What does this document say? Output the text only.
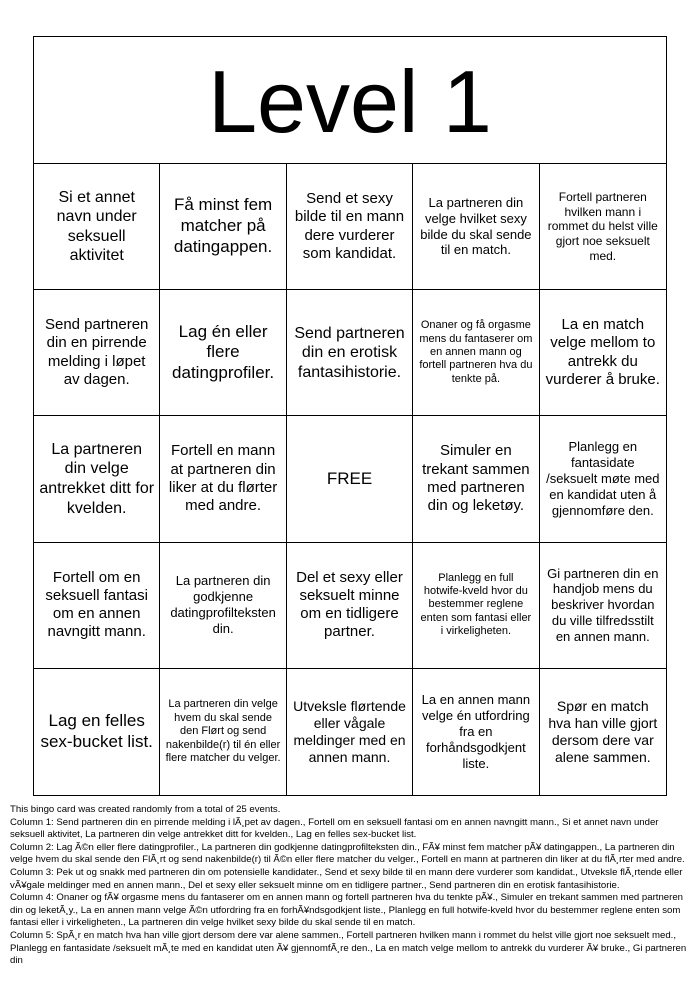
Level 1
Si et annet navn under seksuell aktivitet
Få minst fem matcher på datingappen.
Send et sexy bilde til en mann dere vurderer som kandidat.
La partneren din velge hvilket sexy bilde du skal sende til en match.
Fortell partneren hvilken mann i rommet du helst ville gjort noe seksuelt med.
Send partneren din en pirrende melding i løpet av dagen.
Lag én eller flere datingprofiler.
Send partneren din en erotisk fantasihistorie.
Onaner og få orgasme mens du fantaserer om en annen mann og fortell partneren hva du tenkte på.
La en match velge mellom to antrekk du vurderer å bruke.
La partneren din velge antrekket ditt for kvelden.
Fortell en mann at partneren din liker at du flørter med andre.
FREE
Simuler en trekant sammen med partneren din og leketøy.
Planlegg en fantasidate /seksuelt møte med en kandidat uten å gjennomføre den.
Fortell om en seksuell fantasi om en annen navngitt mann.
La partneren din godkjenne datingprofilteksten din.
Del et sexy eller seksuelt minne om en tidligere partner.
Planlegg en full hotwife-kveld hvor du bestemmer reglene enten som fantasi eller i virkeligheten.
Gi partneren din en handjob mens du beskriver hvordan du ville tilfredsstilt en annen mann.
Lag en felles sex-bucket list.
La partneren din velge hvem du skal sende den Flørt og send nakenbilde(r) til én eller flere matcher du velger.
Utveksle flørtende eller vågale meldinger med en annen mann.
La en annen mann velge én utfordring fra en forhåndsgodkjent liste.
Spør en match hva han ville gjort dersom dere var alene sammen.
This bingo card was created randomly from a total of 25 events.
Column 1: Send partneren din en pirrende melding i lÃ¸pet av dagen., Fortell om en seksuell fantasi om en annen navngitt mann., Si et annet navn under seksuell aktivitet, La partneren din velge antrekket ditt for kvelden., Lag en felles sex-bucket list.
Column 2: Lag Ã©n eller flere datingprofiler., La partneren din godkjenne datingprofilteksten din., FÃ¥ minst fem matcher pÃ¥ datingappen., La partneren din velge hvem du skal sende den FlÃ¸rt og send nakenbilde(r) til Ã©n eller flere matcher du velger., Fortell en mann at partneren din liker at du flÃ¸rter med andre.
Column 3: Pek ut og snakk med partneren din om potensielle kandidater., Send et sexy bilde til en mann dere vurderer som kandidat., Utveksle flÃ¸rtende eller vÃ¥gale meldinger med en annen mann., Del et sexy eller seksuelt minne om en tidligere partner., Send partneren din en erotisk fantasihistorie.
Column 4: Onaner og fÃ¥ orgasme mens du fantaserer om en annen mann og fortell partneren hva du tenkte pÃ¥., Simuler en trekant sammen med partneren din og leketÃ¸y., La en annen mann velge Ã©n utfordring fra en forhÃ¥ndsgodkjent liste., Planlegg en full hotwife-kveld hvor du bestemmer reglene enten som fantasi eller i virkeligheten., La partneren din velge hvilket sexy bilde du skal sende til en match.
Column 5: SpÃ¸r en match hva han ville gjort dersom dere var alene sammen., Fortell partneren hvilken mann i rommet du helst ville gjort noe seksuelt med., Planlegg en fantasidate /seksuelt mÃ¸te med en kandidat uten Ã¥ gjennomfÃ¸re den., La en match velge mellom to antrekk du vurderer Ã¥ bruke., Gi partneren din
